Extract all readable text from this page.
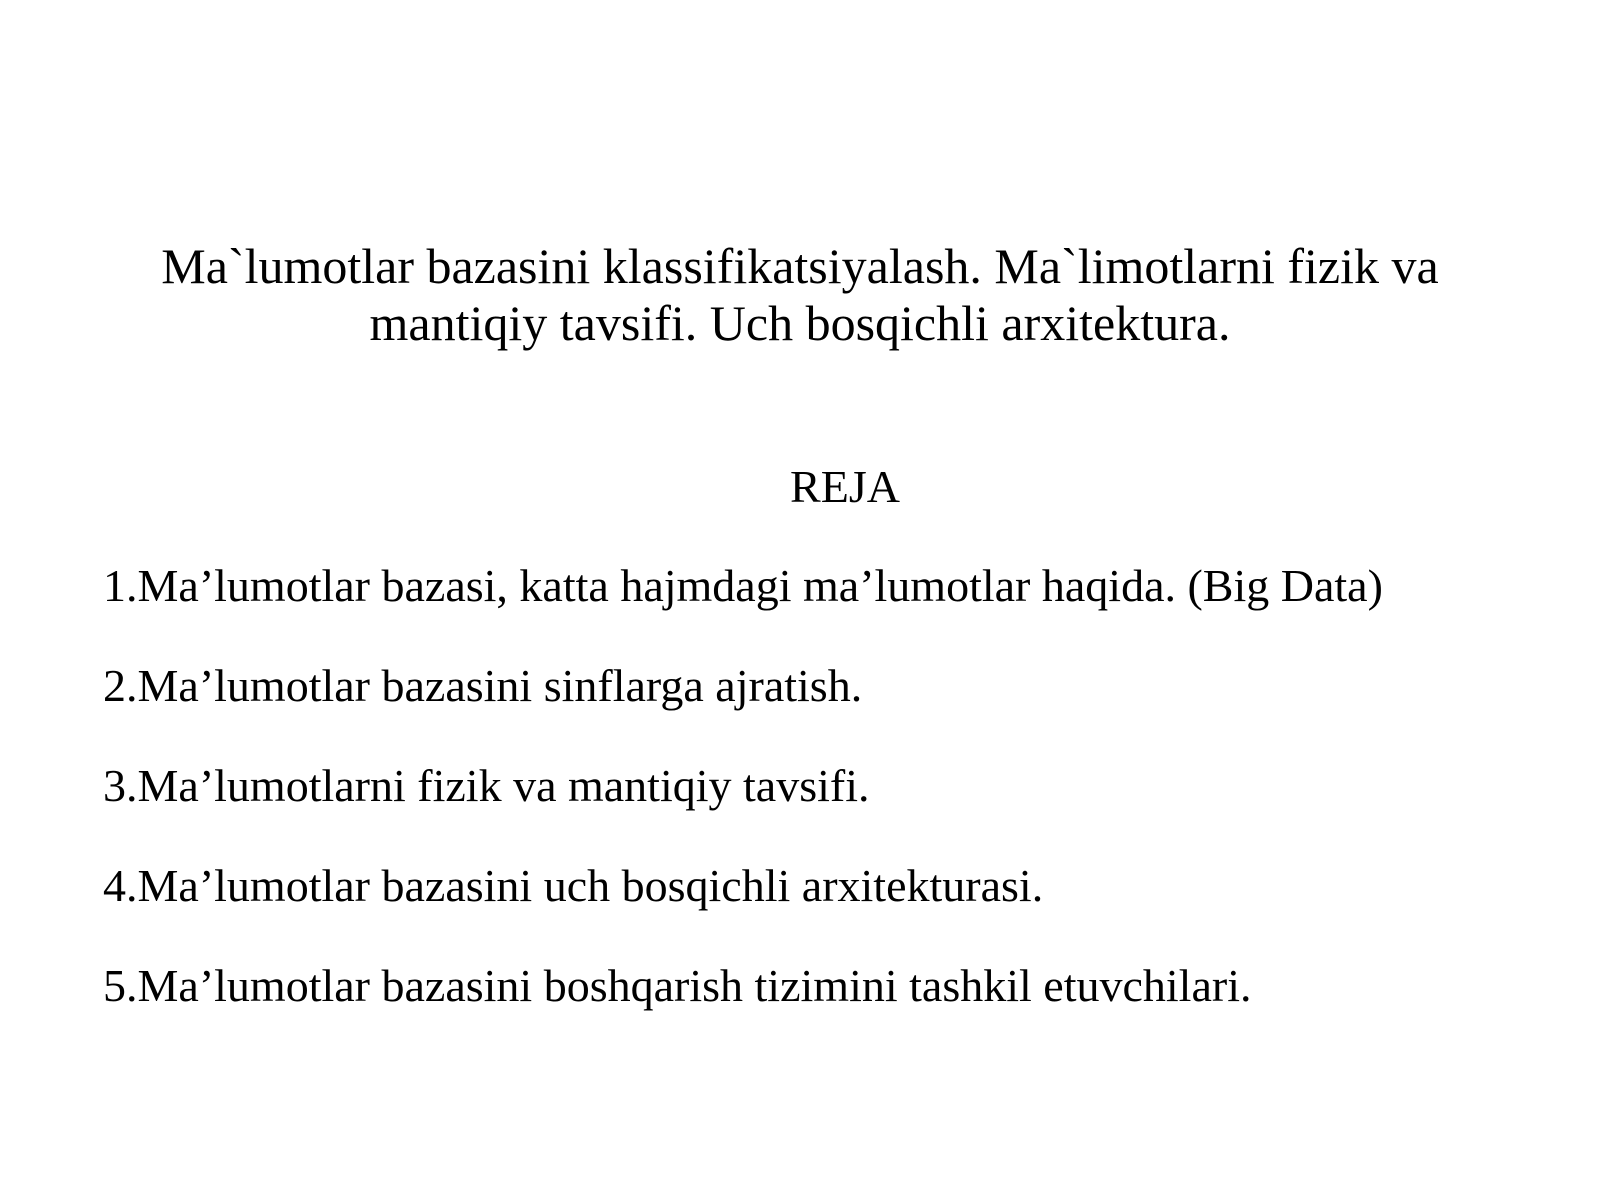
Ma`lumotlar bazasini klassifikatsiyalash. Ma`limotlarni fizik va
mantiqiy tavsifi. Uch bosqichli arxitektura.
REJA
1.Ma’lumotlar bazasi, katta hajmdagi ma’lumotlar haqida. (Big Data)
2.Ma’lumotlar bazasini sinflarga ajratish.
3.Ma’lumotlarni fizik va mantiqiy tavsifi.
4.Ma’lumotlar bazasini uch bosqichli arxitekturasi.
5.Ma’lumotlar bazasini boshqarish tizimini tashkil etuvchilari.
